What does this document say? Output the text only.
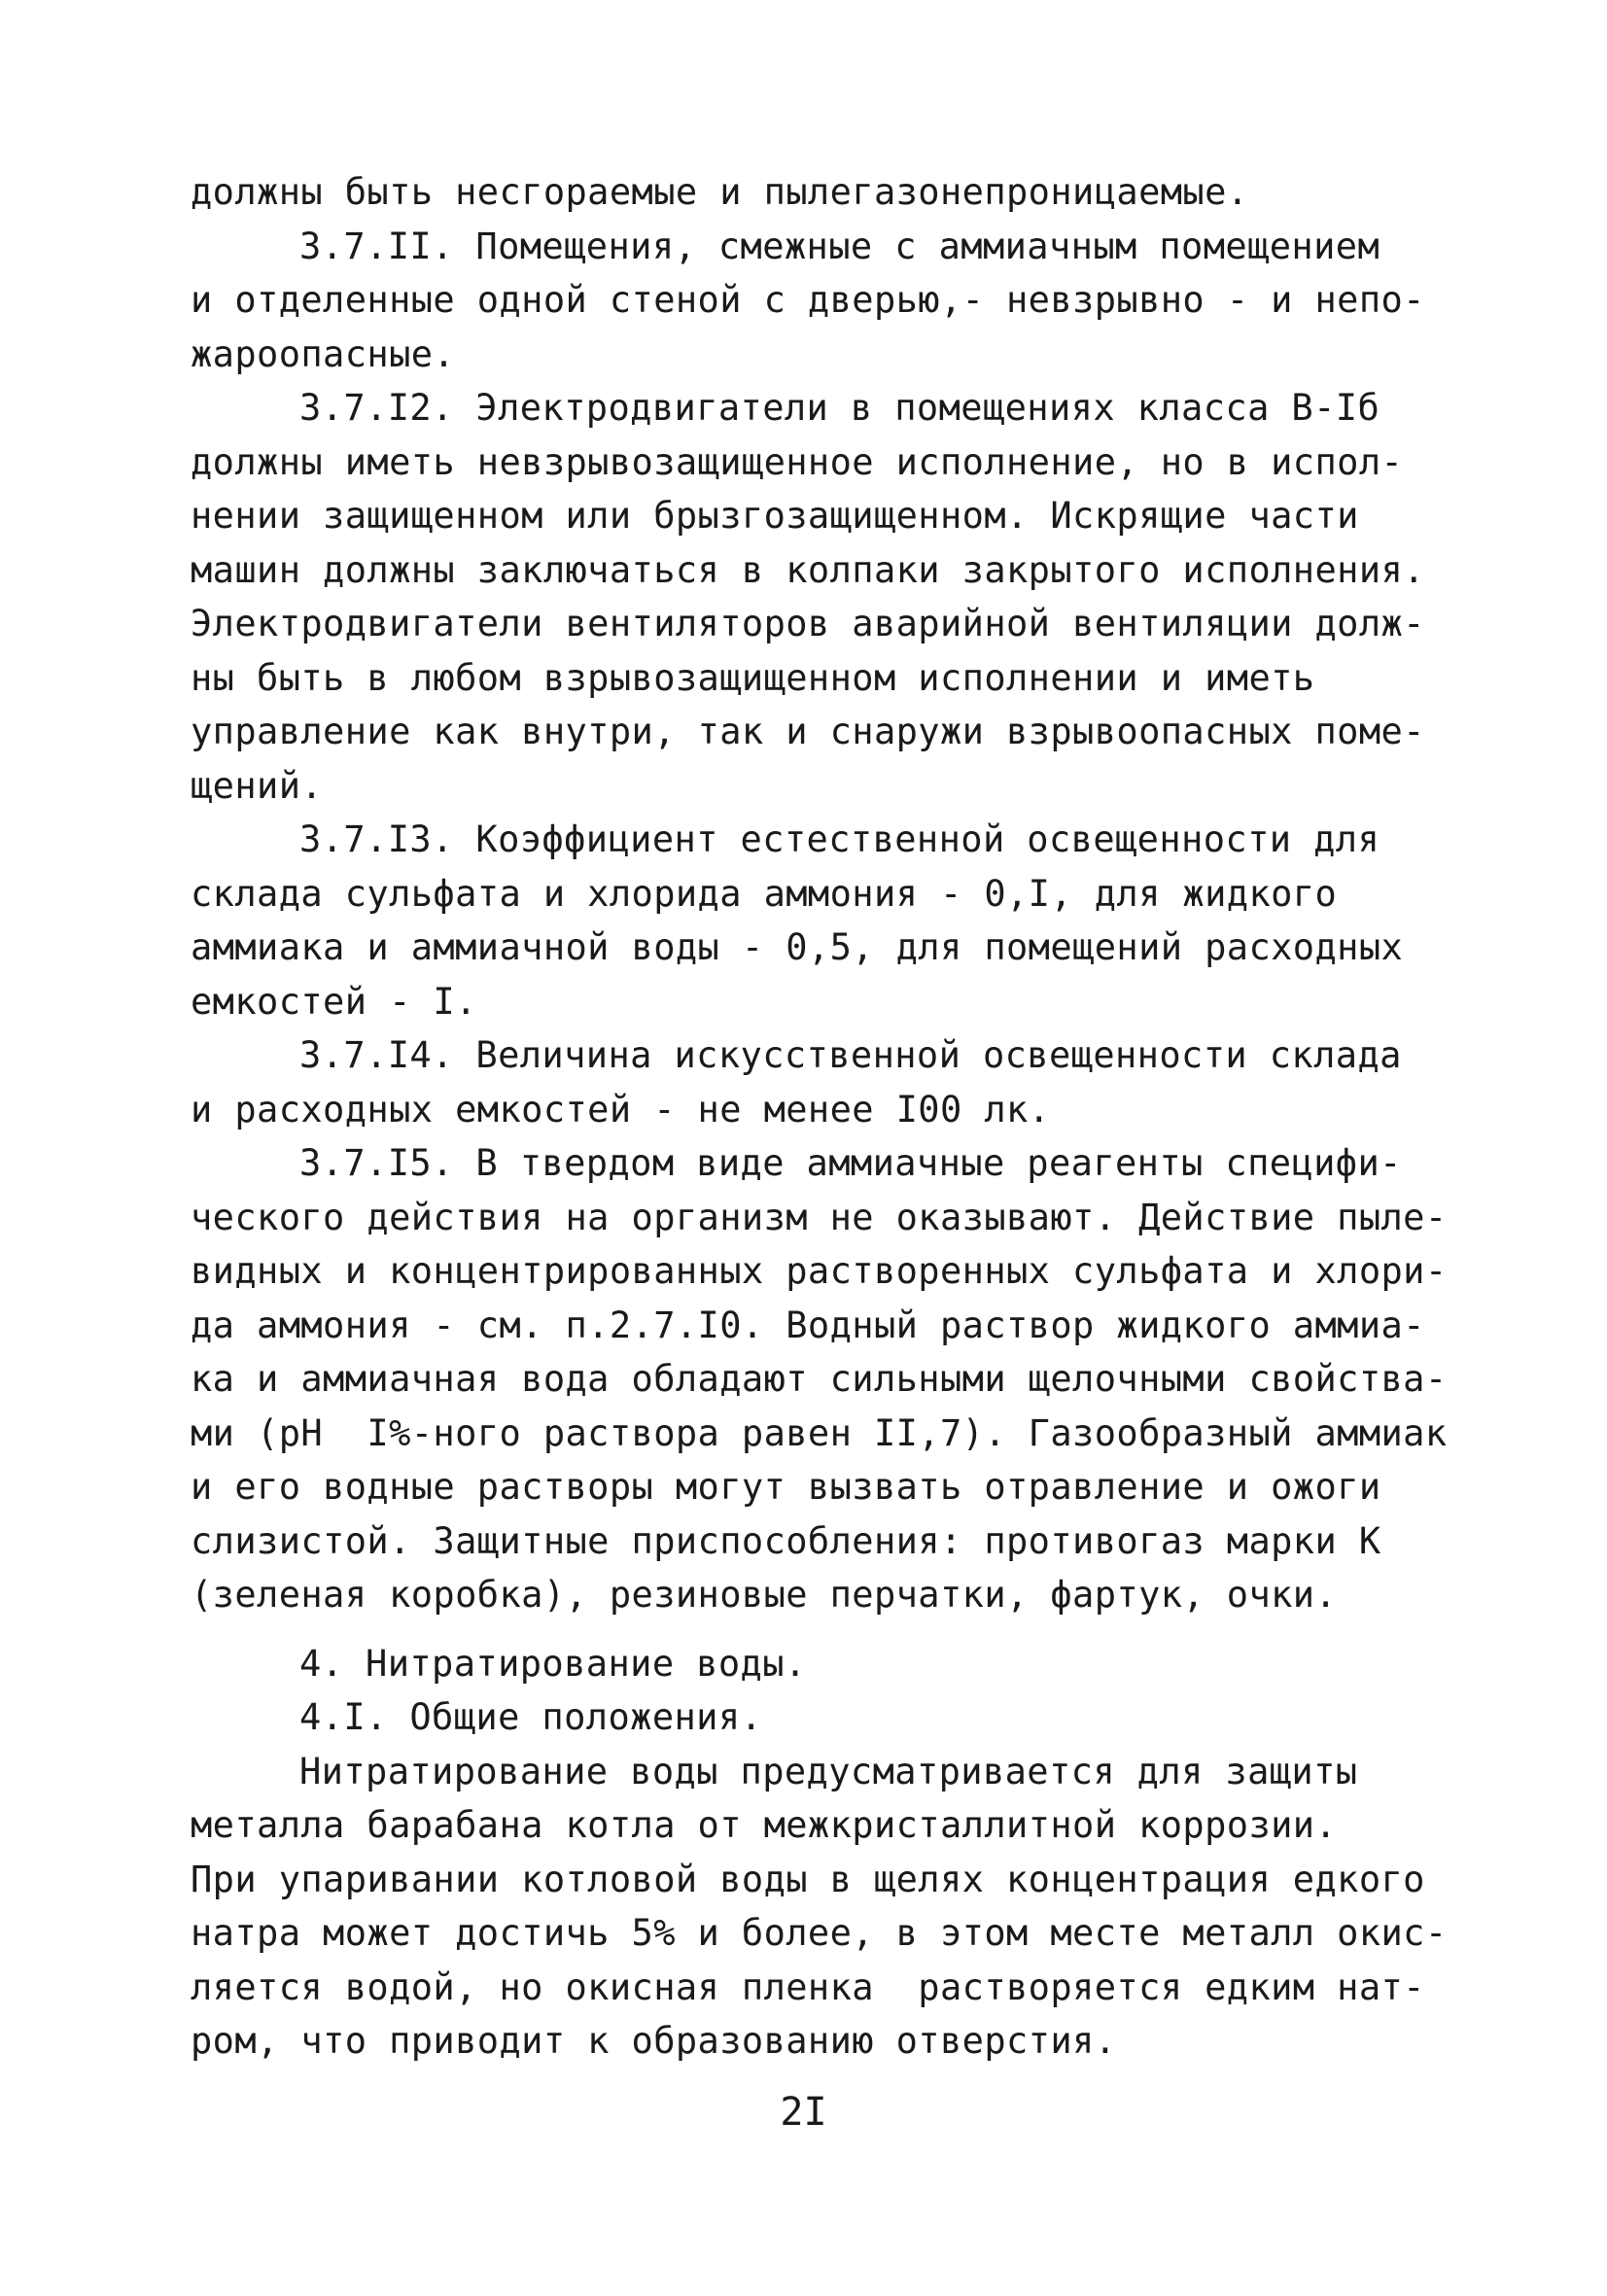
должны быть несгораемые и пылегазонепроницаемые.
3.7.II. Помещения, смежные с аммиачным помещением
и отделенные одной стеной с дверью,- невзрывно - и непо-
жароопасные.
3.7.I2. Электродвигатели в помещениях класса В-Iб
должны иметь невзрывозащищенное исполнение, но в испол-
нении защищенном или брызгозащищенном. Искрящие части
машин должны заключаться в колпаки закрытого исполнения.
Электродвигатели вентиляторов аварийной вентиляции долж-
ны быть в любом взрывозащищенном исполнении и иметь
управление как внутри, так и снаружи взрывоопасных поме-
щений.
3.7.I3. Коэффициент естественной освещенности для
склада сульфата и хлорида аммония - 0,I, для жидкого
аммиака и аммиачной воды - 0,5, для помещений расходных
емкостей - I.
3.7.I4. Величина искусственной освещенности склада
и расходных емкостей - не менее I00 лк.
3.7.I5. В твердом виде аммиачные реагенты специфи-
ческого действия на организм не оказывают. Действие пыле-
видных и концентрированных растворенных сульфата и хлори-
да аммония - см. п.2.7.I0. Водный раствор жидкого аммиа-
ка и аммиачная вода обладают сильными щелочными свойства-
ми (pH  I%-ного раствора равен II,7). Газообразный аммиак
и его водные растворы могут вызвать отравление и ожоги
слизистой. Защитные приспособления: противогаз марки К
(зеленая коробка), резиновые перчатки, фартук, очки.
4. Нитратирование воды.
4.I. Общие положения.
Нитратирование воды предусматривается для защиты
металла барабана котла от межкристаллитной коррозии.
При упаривании котловой воды в щелях концентрация едкого
натра может достичь 5% и более, в этом месте металл окис-
ляется водой, но окисная пленка  растворяется едким нат-
ром, что приводит к образованию отверстия.
2I
